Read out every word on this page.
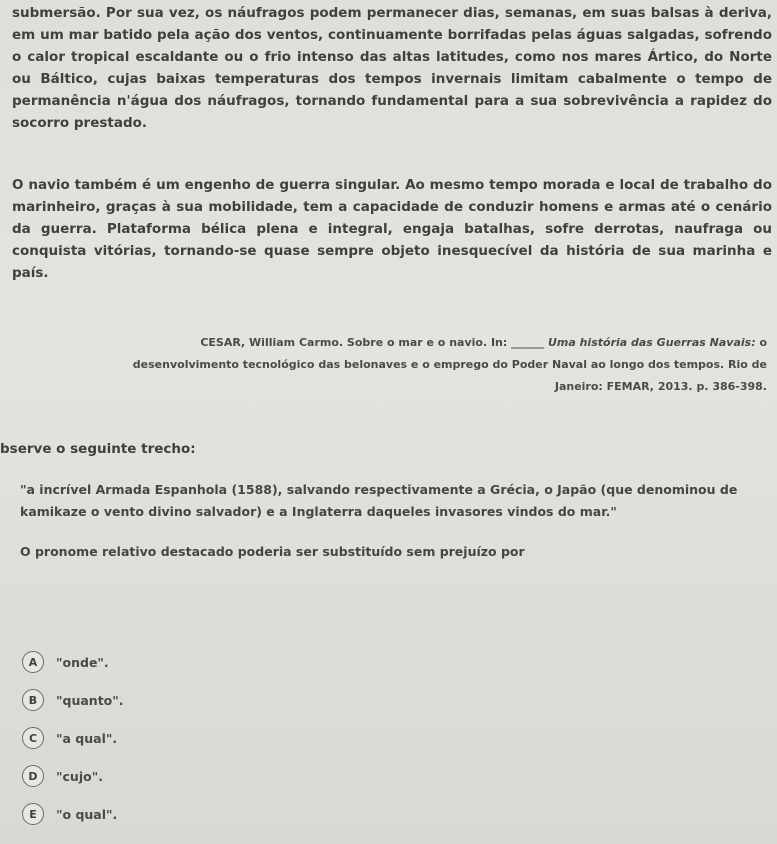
submersão. Por sua vez, os náufragos podem permanecer dias, semanas, em suas balsas à deriva, em um mar batido pela ação dos ventos, continuamente borrifadas pelas águas salgadas, sofrendo o calor tropical escaldante ou o frio intenso das altas latitudes, como nos mares Ártico, do Norte ou Báltico, cujas baixas temperaturas dos tempos invernais limitam cabalmente o tempo de permanência n'água dos náufragos, tornando fundamental para a sua sobrevivência a rapidez do socorro prestado.
O navio também é um engenho de guerra singular. Ao mesmo tempo morada e local de trabalho do marinheiro, graças à sua mobilidade, tem a capacidade de conduzir homens e armas até o cenário da guerra. Plataforma bélica plena e integral, engaja batalhas, sofre derrotas, naufraga ou conquista vitórias, tornando-se quase sempre objeto inesquecível da história de sua marinha e país.
CESAR, William Carmo. Sobre o mar e o navio. In: ______ Uma história das Guerras Navais: o desenvolvimento tecnológico das belonaves e o emprego do Poder Naval ao longo dos tempos. Rio de Janeiro: FEMAR, 2013. p. 386-398.
bserve o seguinte trecho:
"a incrível Armada Espanhola (1588), salvando respectivamente a Grécia, o Japão (que denominou de kamikaze o vento divino salvador) e a Inglaterra daqueles invasores vindos do mar."
O pronome relativo destacado poderia ser substituído sem prejuízo por
A	"onde".
B	"quanto".
C	"a qual".
D	"cujo".
E	"o qual".
